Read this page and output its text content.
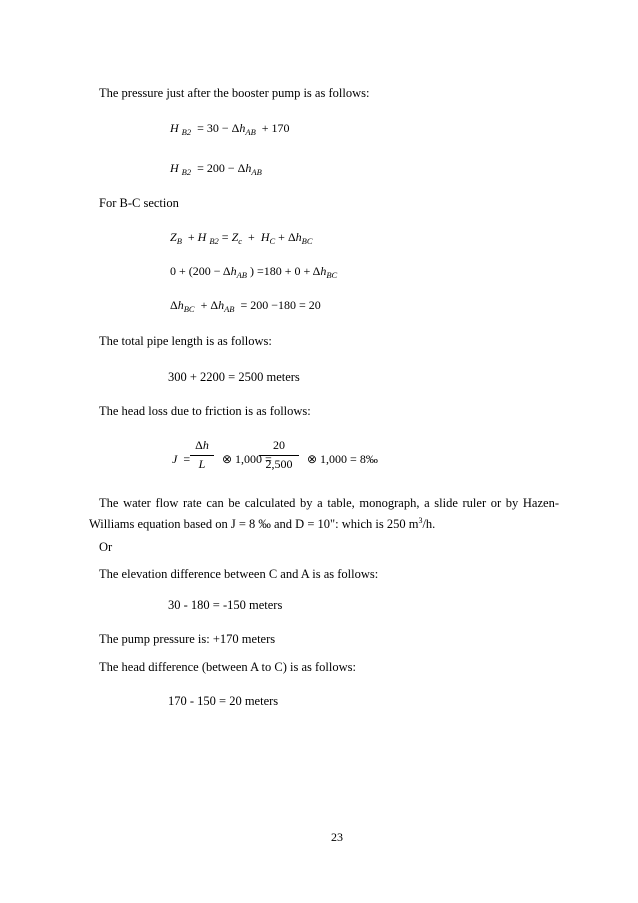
The pressure just after the booster pump is as follows:
H $_{B2} = 30 - \Delta h_{AB} + 170$
H $_{B2} = 200 - \Delta h_{AB}$
For B-C section
$Z_B + H$ $_{B2} = Z_c + H_C + \Delta h_{BC}$
$0 + (200 - \Delta h_{AB}$ ) $=180 + 0 + \Delta h_{BC}$
$\Delta h_{BC} + \Delta h_{AB} = 200 -180 = 20$
The total pipe length is as follows:
300 + 2200 = 2500 meters
The head loss due to friction is as follows:
J  =
Δh
L	⊗ 1,000 =
20
2,500	⊗ 1,000 = 8‰
The water flow rate can be calculated by a table, monograph, a slide ruler or by Hazen-Williams equation based on J = 8 ‰ and D = 10": which is 250 $m^3/h$.
Or
The elevation difference between C and A is as follows:
30 - 180 = -150 meters
The pump pressure is: +170 meters
The head difference (between A to C) is as follows:
170 - 150 = 20 meters
23
